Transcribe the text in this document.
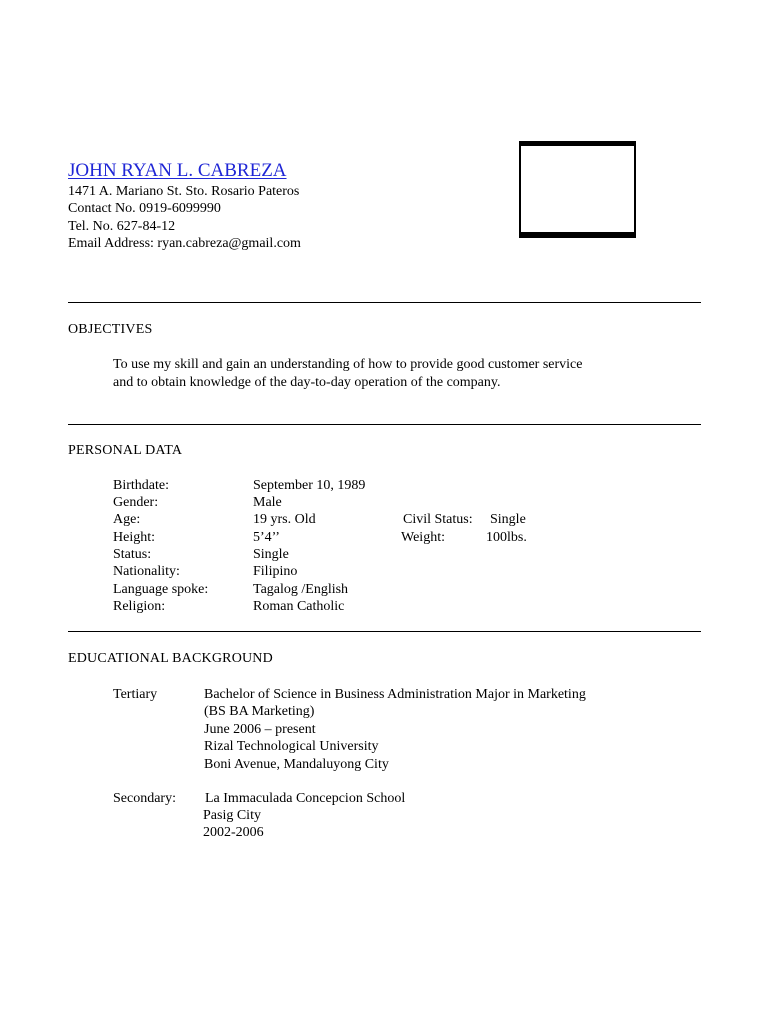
JOHN RYAN L. CABREZA
1471 A. Mariano St. Sto. Rosario Pateros
Contact No. 0919-6099990
Tel. No. 627-84-12
Email Address: ryan.cabreza@gmail.com
OBJECTIVES
To use my skill and gain an understanding of how to provide good customer service
and to obtain knowledge of the day-to-day operation of the company.
PERSONAL DATA
Birthdate:	September 10, 1989
Gender:	Male
Age:	19 yrs. Old	Civil Status: Single
Height:	5’4’’	Weight:	100lbs.
Status:	Single
Nationality:	Filipino
Language spoke:	Tagalog /English
Religion:	Roman Catholic
EDUCATIONAL BACKGROUND
Tertiary	Bachelor of Science in Business Administration Major in Marketing
(BS BA Marketing)
June 2006 – present
Rizal Technological University
Boni Avenue, Mandaluyong City
Secondary: La Immaculada Concepcion School
Pasig City
2002-2006
